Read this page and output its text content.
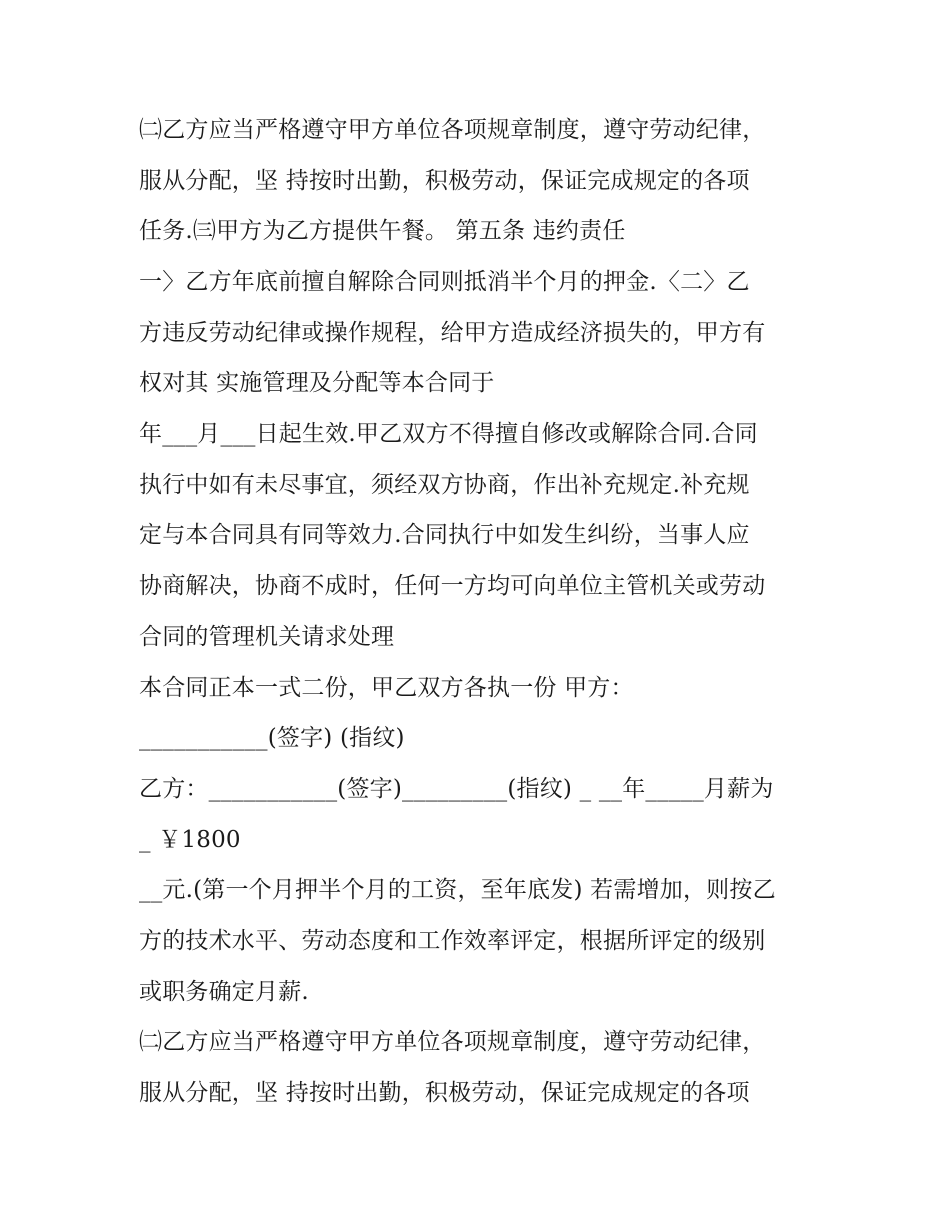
㈡乙方应当严格遵守甲方单位各项规章制度，遵守劳动纪律，
服从分配，坚 持按时出勤，积极劳动，保证完成规定的各项
任务.㈢甲方为乙方提供午餐。 第五条 违约责任
一〉乙方年底前擅自解除合同则抵消半个月的押金.〈二〉乙
方违反劳动纪律或操作规程，给甲方造成经济损失的，甲方有
权对其 实施管理及分配等本合同于
年___月___日起生效.甲乙双方不得擅自修改或解除合同.合同
执行中如有未尽事宜，须经双方协商，作出补充规定.补充规
定与本合同具有同等效力.合同执行中如发生纠纷，当事人应
协商解决，协商不成时，任何一方均可向单位主管机关或劳动
合同的管理机关请求处理
本合同正本一式二份，甲乙双方各执一份 甲方：
___________(签字) (指纹)
乙方：___________(签字)_________(指纹) _ __年_____月薪为
_ ￥1800
__元.(第一个月押半个月的工资，至年底发) 若需增加，则按乙
方的技术水平、劳动态度和工作效率评定，根据所评定的级别
或职务确定月薪.
㈡乙方应当严格遵守甲方单位各项规章制度，遵守劳动纪律，
服从分配，坚 持按时出勤，积极劳动，保证完成规定的各项
